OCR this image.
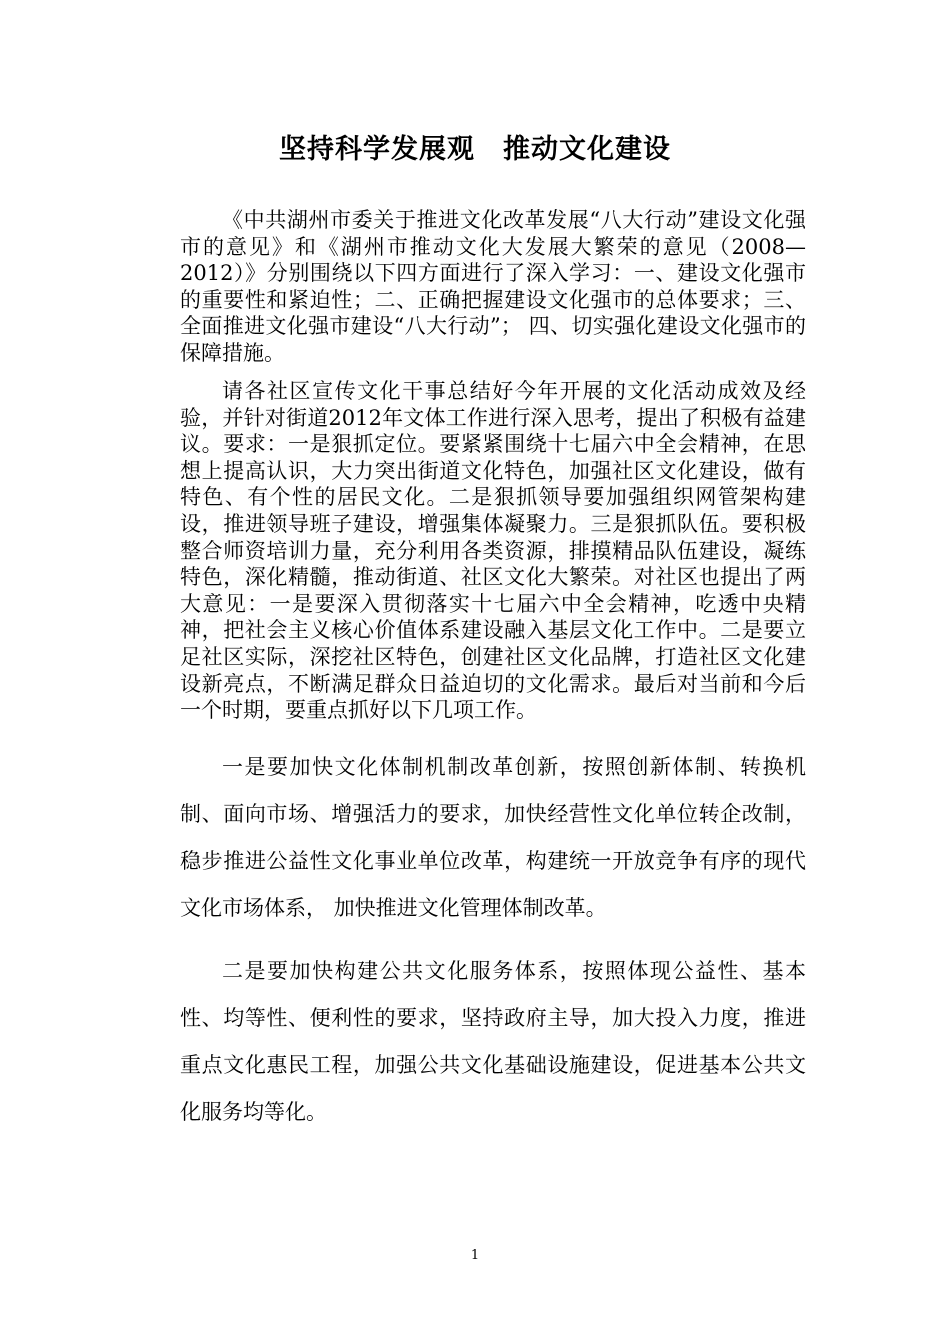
坚持科学发展观　推动文化建设

《中共湖州市委关于推进文化改革发展“八大行动”建设文化强市的意见》和《湖州市推动文化大发展大繁荣的意见（2008—2012）》分别围绕以下四方面进行了深入学习：一、建设文化强市的重要性和紧迫性；二、正确把握建设文化强市的总体要求；三、全面推进文化强市建设“八大行动”； 四、切实强化建设文化强市的保障措施。

请各社区宣传文化干事总结好今年开展的文化活动成效及经验，并针对街道2012年文体工作进行深入思考，提出了积极有益建议。要求：一是狠抓定位。要紧紧围绕十七届六中全会精神，在思想上提高认识，大力突出街道文化特色，加强社区文化建设，做有特色、有个性的居民文化。二是狠抓领导要加强组织网管架构建设，推进领导班子建设，增强集体凝聚力。三是狠抓队伍。要积极整合师资培训力量，充分利用各类资源，排摸精品队伍建设，凝练特色，深化精髓，推动街道、社区文化大繁荣。对社区也提出了两大意见：一是要深入贯彻落实十七届六中全会精神，吃透中央精神，把社会主义核心价值体系建设融入基层文化工作中。二是要立足社区实际，深挖社区特色，创建社区文化品牌，打造社区文化建设新亮点，不断满足群众日益迫切的文化需求。最后对当前和今后一个时期，要重点抓好以下几项工作。

一是要加快文化体制机制改革创新，按照创新体制、转换机制、面向市场、增强活力的要求，加快经营性文化单位转企改制，稳步推进公益性文化事业单位改革，构建统一开放竞争有序的现代文化市场体系， 加快推进文化管理体制改革。

二是要加快构建公共文化服务体系，按照体现公益性、基本性、均等性、便利性的要求，坚持政府主导，加大投入力度，推进重点文化惠民工程，加强公共文化基础设施建设，促进基本公共文化服务均等化。

1
